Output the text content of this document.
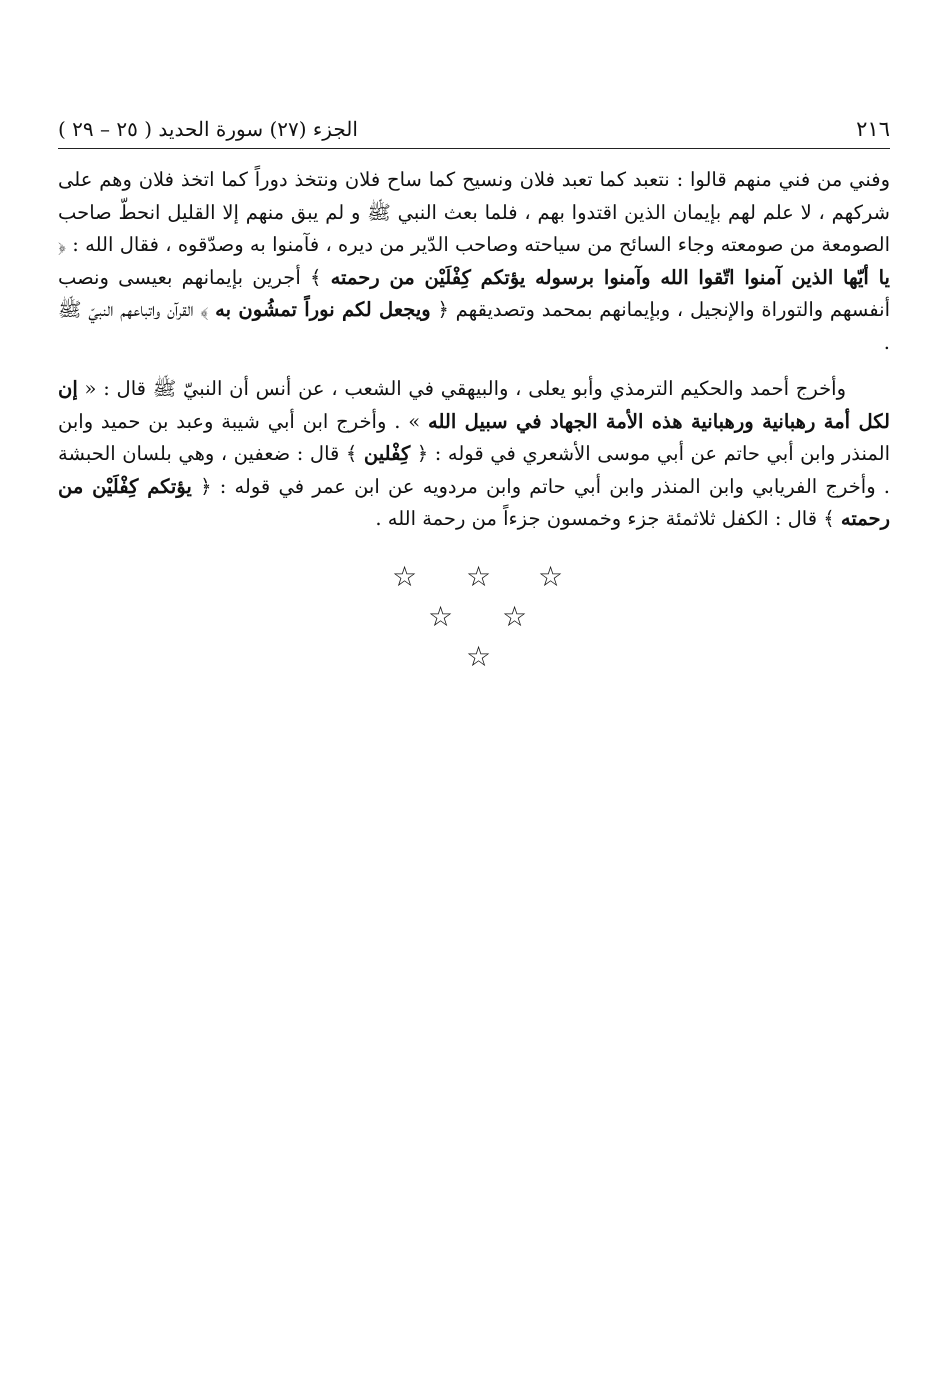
٢١٦
الجزء (٢٧) سورة الحديد ( ٢٥ – ٢٩ )

وفني من فني منهم قالوا : نتعبد كما تعبد فلان ونسيح كما ساح فلان ونتخذ دوراً كما اتخذ فلان وهم على شركهم ، لا علم لهم بإيمان الذين اقتدوا بهم ، فلما بعث النبي ﷺ و لم يبق منهم إلا القليل انحطّ صاحب الصومعة من صومعته وجاء السائح من سياحته وصاحب الدّير من ديره ، فآمنوا به وصدّقوه ، فقال الله : ﴿ يا أيّها الذين آمنوا اتّقوا الله وآمنوا برسوله يؤتكم كِفْلَيْن من رحمته ﴾ أجرين بإيمانهم بعيسى ونصب أنفسهم والتوراة والإنجيل ، وبإيمانهم بمحمد وتصديقهم ﴿ ويجعل لكم نوراً تمشُون به ﴾ القرآن واتباعهم النبيّ ﷺ .

وأخرج أحمد والحكيم الترمذي وأبو يعلى ، والبيهقي في الشعب ، عن أنس أن النبيّ ﷺ قال : « إن لكل أمة رهبانية ورهبانية هذه الأمة الجهاد في سبيل الله » . وأخرج ابن أبي شيبة وعبد بن حميد وابن المنذر وابن أبي حاتم عن أبي موسى الأشعري في قوله : ﴿ كِفْلين ﴾ قال : ضعفين ، وهي بلسان الحبشة . وأخرج الفريابي وابن المنذر وابن أبي حاتم وابن مردويه عن ابن عمر في قوله : ﴿ يؤتكم كِفْلَيْن من رحمته ﴾ قال : الكفل ثلاثمئة جزء وخمسون جزءاً من رحمة الله .

☆ ☆ ☆
☆ ☆
☆
